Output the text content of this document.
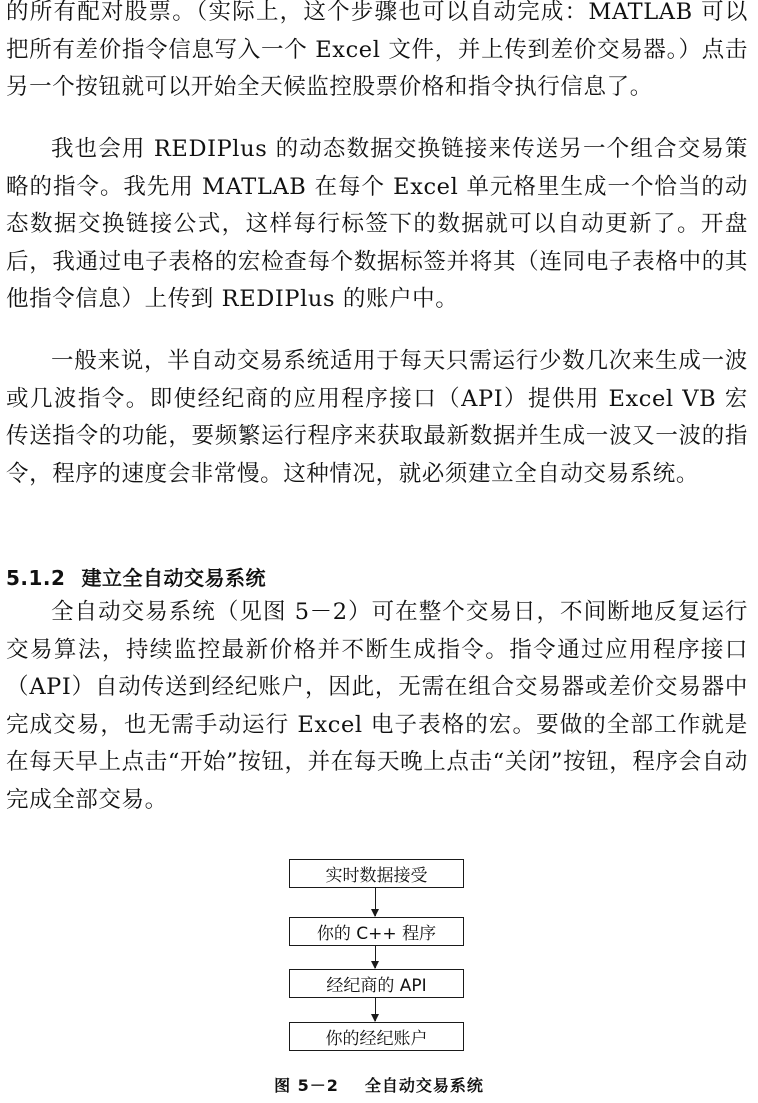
的所有配对股票。（实际上，这个步骤也可以自动完成：MATLAB 可以把所有差价指令信息写入一个 Excel 文件，并上传到差价交易器。）点击另一个按钮就可以开始全天候监控股票价格和指令执行信息了。

我也会用 REDIPlus 的动态数据交换链接来传送另一个组合交易策略的指令。我先用 MATLAB 在每个 Excel 单元格里生成一个恰当的动态数据交换链接公式，这样每行标签下的数据就可以自动更新了。开盘后，我通过电子表格的宏检查每个数据标签并将其（连同电子表格中的其他指令信息）上传到 REDIPlus 的账户中。

一般来说，半自动交易系统适用于每天只需运行少数几次来生成一波或几波指令。即使经纪商的应用程序接口（API）提供用 Excel VB 宏传送指令的功能，要频繁运行程序来获取最新数据并生成一波又一波的指令，程序的速度会非常慢。这种情况，就必须建立全自动交易系统。

5.1.2 建立全自动交易系统

全自动交易系统（见图 5－2）可在整个交易日，不间断地反复运行交易算法，持续监控最新价格并不断生成指令。指令通过应用程序接口（API）自动传送到经纪账户，因此，无需在组合交易器或差价交易器中完成交易，也无需手动运行 Excel 电子表格的宏。要做的全部工作就是在每天早上点击“开始”按钮，并在每天晚上点击“关闭”按钮，程序会自动完成全部交易。

实时数据接受
你的 C++ 程序
经纪商的 API
你的经纪账户

图 5－2 全自动交易系统
